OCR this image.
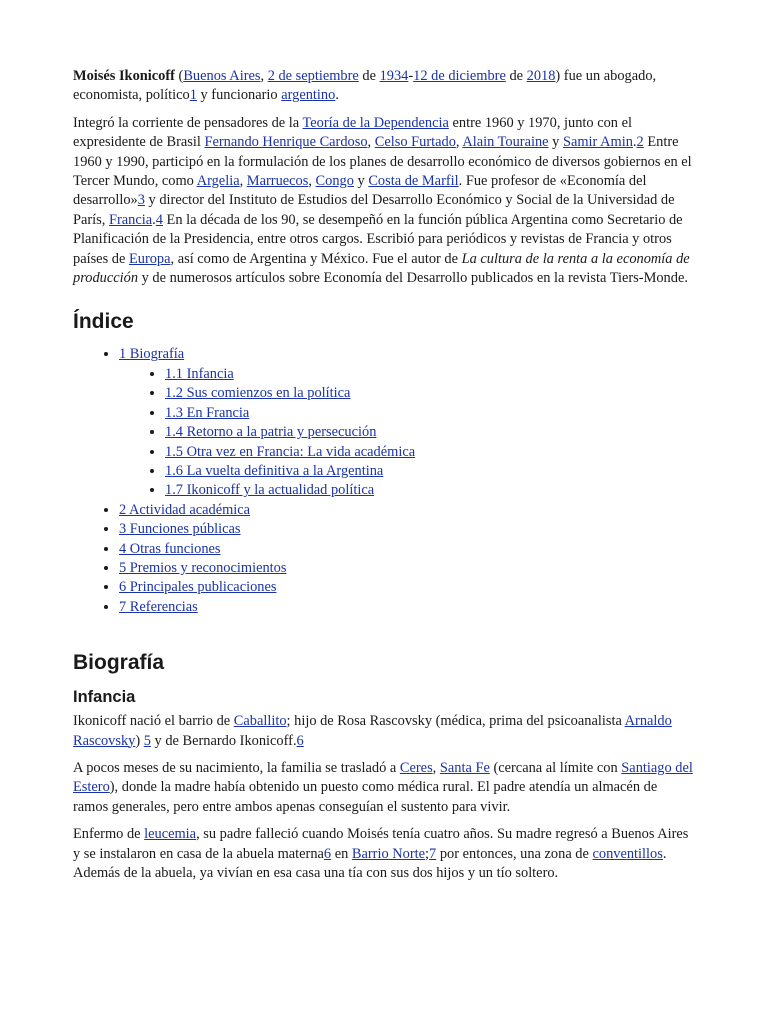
Moisés Ikonicoff (Buenos Aires, 2 de septiembre de 1934-12 de diciembre de 2018) fue un abogado, economista, político1 y funcionario argentino.

Integró la corriente de pensadores de la Teoría de la Dependencia entre 1960 y 1970, junto con el expresidente de Brasil Fernando Henrique Cardoso, Celso Furtado, Alain Touraine y Samir Amin.2 Entre 1960 y 1990, participó en la formulación de los planes de desarrollo económico de diversos gobiernos en el Tercer Mundo, como Argelia, Marruecos, Congo y Costa de Marfil. Fue profesor de «Economía del desarrollo»3 y director del Instituto de Estudios del Desarrollo Económico y Social de la Universidad de París, Francia.4 En la década de los 90, se desempeñó en la función pública Argentina como Secretario de Planificación de la Presidencia, entre otros cargos. Escribió para periódicos y revistas de Francia y otros países de Europa, así como de Argentina y México. Fue el autor de La cultura de la renta a la economía de producción y de numerosos artículos sobre Economía del Desarrollo publicados en la revista Tiers-Monde.

Índice
• 1 Biografía
• 1.1 Infancia
• 1.2 Sus comienzos en la política
• 1.3 En Francia
• 1.4 Retorno a la patria y persecución
• 1.5 Otra vez en Francia: La vida académica
• 1.6 La vuelta definitiva a la Argentina
• 1.7 Ikonicoff y la actualidad política
• 2 Actividad académica
• 3 Funciones públicas
• 4 Otras funciones
• 5 Premios y reconocimientos
• 6 Principales publicaciones
• 7 Referencias
Biografía
Infancia

Ikonicoff nació el barrio de Caballito; hijo de Rosa Rascovsky (médica, prima del psicoanalista Arnaldo Rascovsky) 5 y de Bernardo Ikonicoff.6

A pocos meses de su nacimiento, la familia se trasladó a Ceres, Santa Fe (cercana al límite con Santiago del Estero), donde la madre había obtenido un puesto como médica rural. El padre atendía un almacén de ramos generales, pero entre ambos apenas conseguían el sustento para vivir.

Enfermo de leucemia, su padre falleció cuando Moisés tenía cuatro años. Su madre regresó a Buenos Aires y se instalaron en casa de la abuela materna6 en Barrio Norte;7 por entonces, una zona de conventillos. Además de la abuela, ya vivían en esa casa una tía con sus dos hijos y un tío soltero.
